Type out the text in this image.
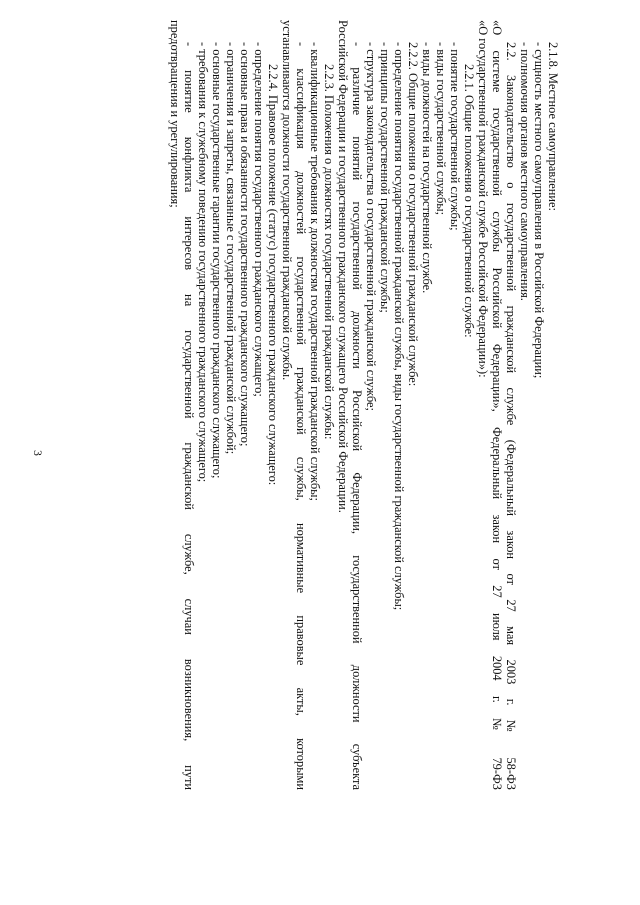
3
2.1.8. Местное самоуправление:
- сущность местного самоуправления в Российской Федерации;
- полномочия органов местного самоуправления.
2.2. Законодательство о государственной гражданской службе (Федеральный закон от 27 мая 2003 г. № 58-ФЗ
«О системе государственной службы Российской Федерации», Федеральный закон от 27 июля 2004 г. № 79-ФЗ
«О государственной гражданской службе Российской Федерации»):
2.2.1. Общие положения о государственной службе:
- понятие государственной службы;
- виды государственной службы;
- виды должностей на государственной службе.
2.2.2. Общие положения о государственной гражданской службе:
- определение понятия государственной гражданской службы, виды государственной гражданской службы;
- принципы государственной гражданской службы;
- структура законодательства о государственной гражданской службе;
- различие понятий государственной должности Российской Федерации, государственной должности субъекта
Российской Федерации и государственного гражданского служащего Российской Федерации.
2.2.3. Положения о должностях государственной гражданской службы:
- квалификационные требования к должностям государственной гражданской службы;
- классификация должностей государственной гражданской службы, нормативные правовые акты, которыми
устанавливаются должности государственной гражданской службы.
2.2.4. Правовое положение (статус) государственного гражданского служащего:
- определение понятия государственного гражданского служащего;
- основные права и обязанности государственного гражданского служащего;
- ограничения и запреты, связанные с государственной гражданской службой;
- основные государственные гарантии государственного гражданского служащего;
- требования к служебному поведению государственного гражданского служащего;
- понятие конфликта интересов на государственной гражданской службе, случаи возникновения, пути
предотвращения и урегулирования;
